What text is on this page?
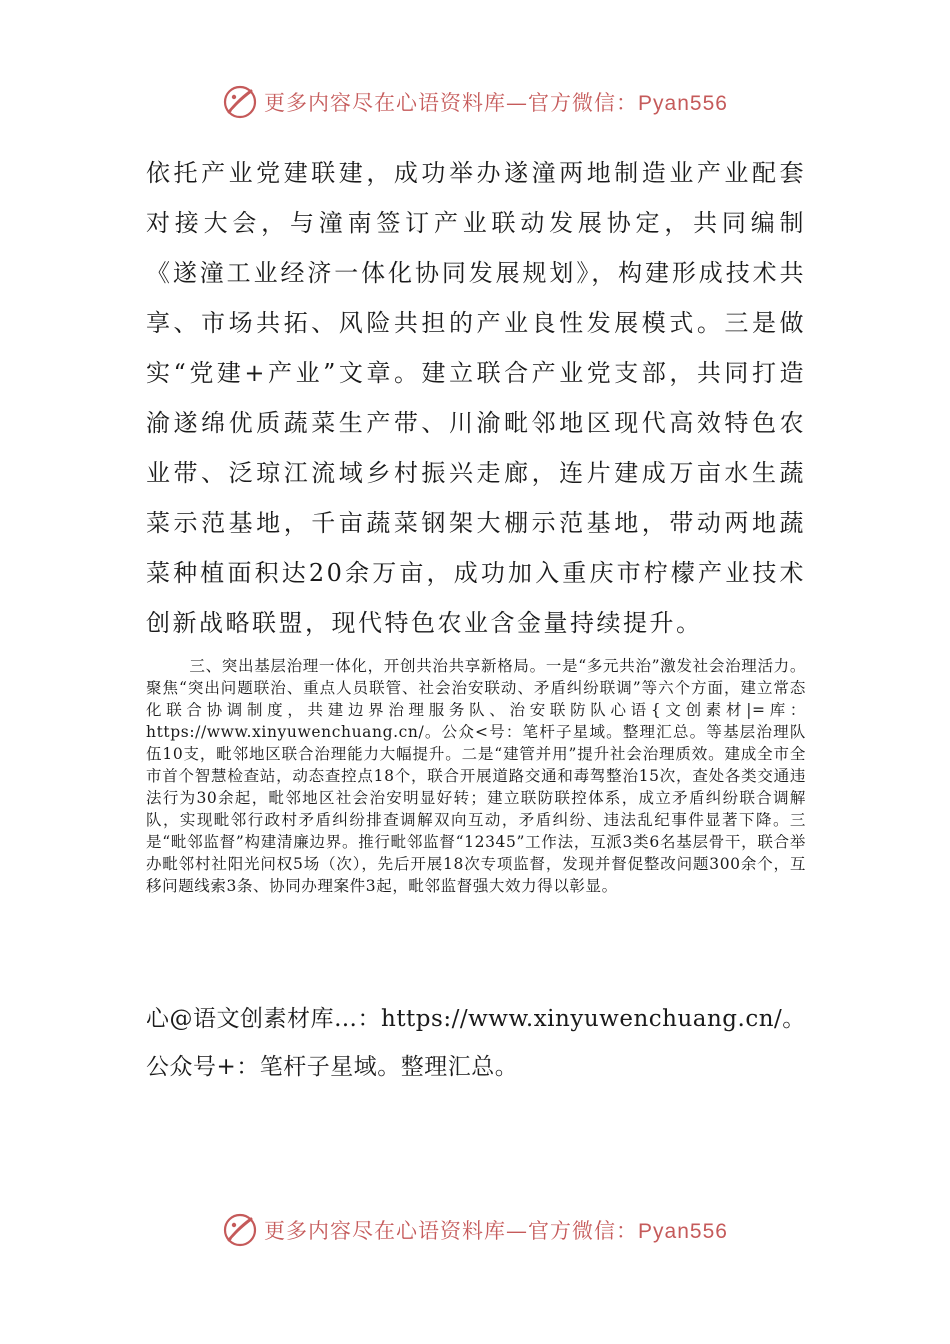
更多内容尽在心语资料库—官方微信：Pyan556

依托产业党建联建，成功举办遂潼两地制造业产业配套对接大会，与潼南签订产业联动发展协定，共同编制《遂潼工业经济一体化协同发展规划》，构建形成技术共享、市场共拓、风险共担的产业良性发展模式。三是做实“党建+产业”文章。建立联合产业党支部，共同打造渝遂绵优质蔬菜生产带、川渝毗邻地区现代高效特色农业带、泛琼江流域乡村振兴走廊，连片建成万亩水生蔬菜示范基地，千亩蔬菜钢架大棚示范基地，带动两地蔬菜种植面积达20余万亩，成功加入重庆市柠檬产业技术创新战略联盟，现代特色农业含金量持续提升。

三、突出基层治理一体化，开创共治共享新格局。一是“多元共治”激发社会治理活力。聚焦“突出问题联治、重点人员联管、社会治安联动、矛盾纠纷联调”等六个方面，建立常态化联合协调制度，共建边界治理服务队、治安联防队心语{文创素材|=库：https://www.xinyuwenchuang.cn/。公众<号：笔杆子星域。整理汇总。等基层治理队伍10支，毗邻地区联合治理能力大幅提升。二是“建管并用”提升社会治理质效。建成全市全市首个智慧检查站，动态查控点18个，联合开展道路交通和毒驾整治15次，查处各类交通违法行为30余起，毗邻地区社会治安明显好转；建立联防联控体系，成立矛盾纠纷联合调解队，实现毗邻行政村矛盾纠纷排查调解双向互动，矛盾纠纷、违法乱纪事件显著下降。三是“毗邻监督”构建清廉边界。推行毗邻监督“12345”工作法，互派3类6名基层骨干，联合举办毗邻村社阳光问权5场（次），先后开展18次专项监督，发现并督促整改问题300余个，互移问题线索3条、协同办理案件3起，毗邻监督强大效力得以彰显。

心@语文创素材库…：https://www.xinyuwenchuang.cn/。公众号+：笔杆子星域。整理汇总。

更多内容尽在心语资料库—官方微信：Pyan556
